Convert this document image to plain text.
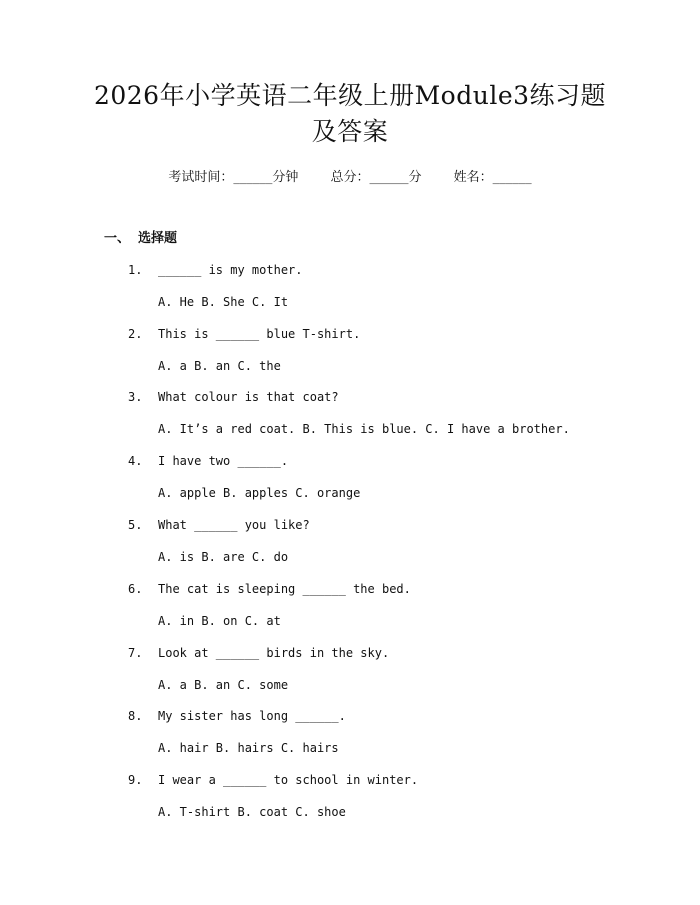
2026年小学英语二年级上册Module3练习题
及答案
考试时间：______分钟 总分：______分 姓名：______
一、 选择题
1. ______ is my mother.
A. He B. She C. It
2. This is ______ blue T-shirt.
A. a B. an C. the
3. What colour is that coat?
A. It’s a red coat. B. This is blue. C. I have a brother.
4. I have two ______.
A. apple B. apples C. orange
5. What ______ you like?
A. is B. are C. do
6. The cat is sleeping ______ the bed.
A. in B. on C. at
7. Look at ______ birds in the sky.
A. a B. an C. some
8. My sister has long ______.
A. hair B. hairs C. hairs
9. I wear a ______ to school in winter.
A. T-shirt B. coat C. shoe
